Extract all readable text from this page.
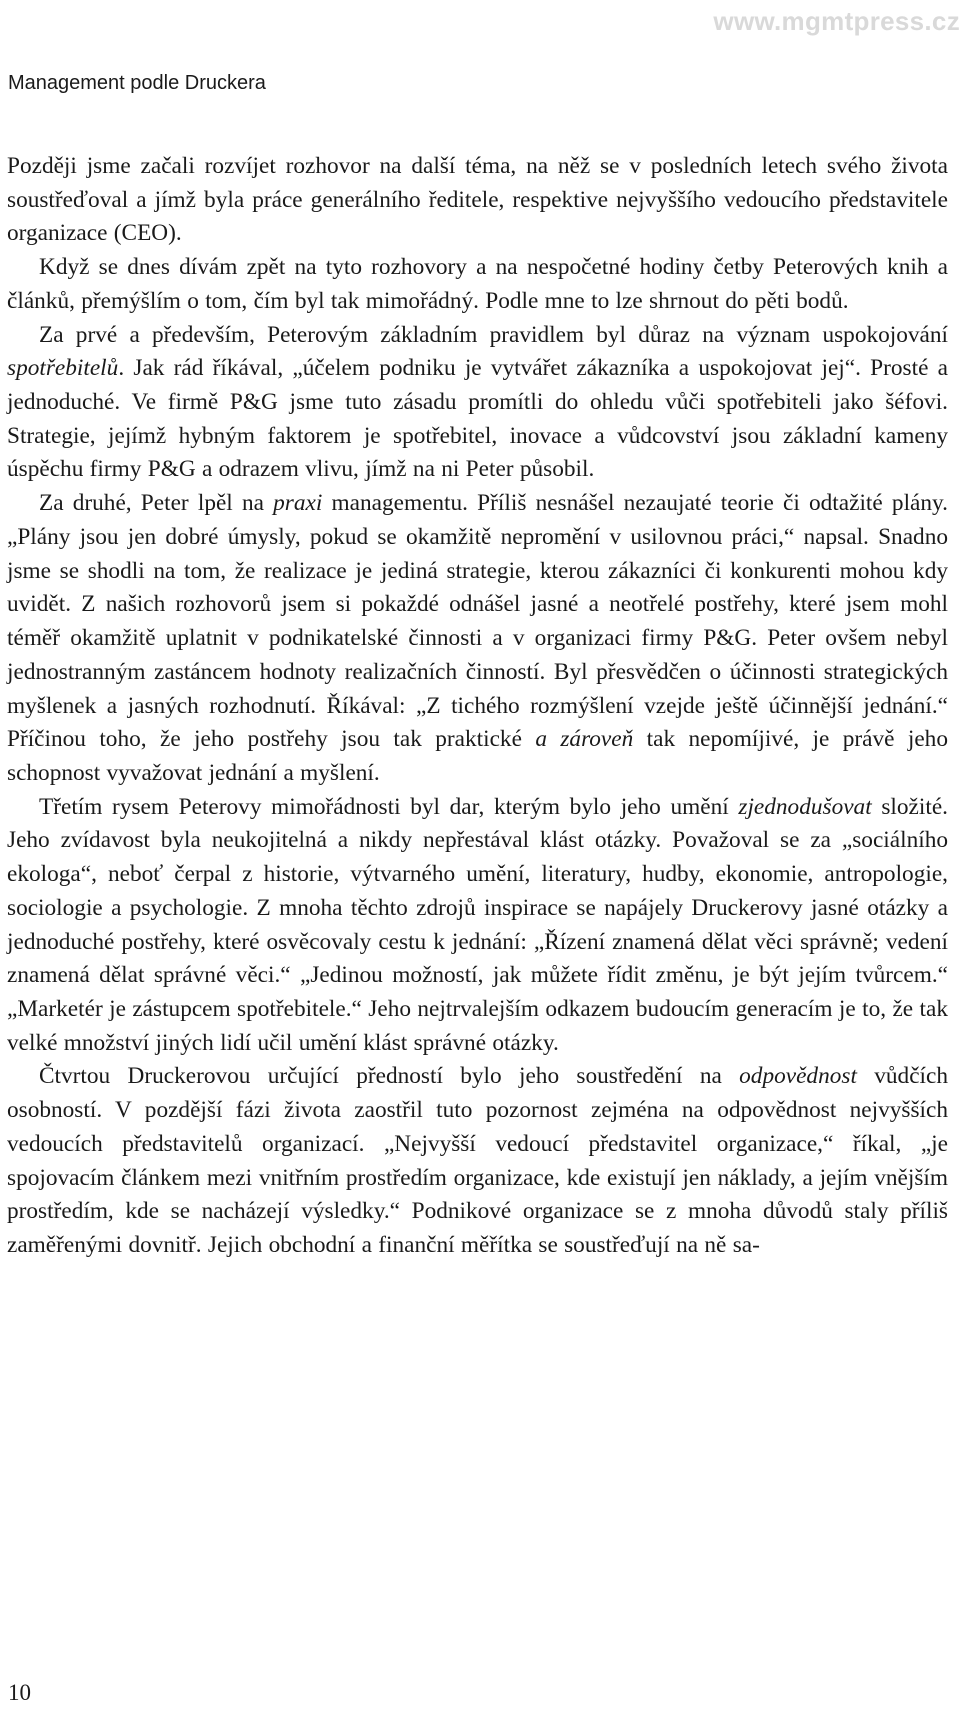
www.mgmtpress.cz
Management podle Druckera

Později jsme začali rozvíjet rozhovor na další téma, na něž se v posledních letech svého života soustřeďoval a jímž byla práce generálního ředitele, respektive nejvyššího vedoucího představitele organizace (CEO).

Když se dnes dívám zpět na tyto rozhovory a na nespočetné hodiny četby Peterových knih a článků, přemýšlím o tom, čím byl tak mimořádný. Podle mne to lze shrnout do pěti bodů.

Za prvé a především, Peterovým základním pravidlem byl důraz na význam uspokojování spotřebitelů. Jak rád říkával, „účelem podniku je vytvářet zákazníka a uspokojovat jej“. Prosté a jednoduché. Ve firmě P&G jsme tuto zásadu promítli do ohledu vůči spotřebiteli jako šéfovi. Strategie, jejímž hybným faktorem je spotřebitel, inovace a vůdcovství jsou základní kameny úspěchu firmy P&G a odrazem vlivu, jímž na ni Peter působil.

Za druhé, Peter lpěl na praxi managementu. Příliš nesnášel nezaujaté teorie či odtažité plány. „Plány jsou jen dobré úmysly, pokud se okamžitě nepromění v usilovnou práci,“ napsal. Snadno jsme se shodli na tom, že realizace je jediná strategie, kterou zákazníci či konkurenti mohou kdy uvidět. Z našich rozhovorů jsem si pokaždé odnášel jasné a neotřelé postřehy, které jsem mohl téměř okamžitě uplatnit v podnikatelské činnosti a v organizaci firmy P&G. Peter ovšem nebyl jednostranným zastáncem hodnoty realizačních činností. Byl přesvědčen o účinnosti strategických myšlenek a jasných rozhodnutí. Říkával: „Z tichého rozmýšlení vzejde ještě účinnější jednání.“ Příčinou toho, že jeho postřehy jsou tak praktické a zároveň tak nepomíjivé, je právě jeho schopnost vyvažovat jednání a myšlení.

Třetím rysem Peterovy mimořádnosti byl dar, kterým bylo jeho umění zjednodušovat složité. Jeho zvídavost byla neukojitelná a nikdy nepřestával klást otázky. Považoval se za „sociálního ekologa“, neboť čerpal z historie, výtvarného umění, literatury, hudby, ekonomie, antropologie, sociologie a psychologie. Z mnoha těchto zdrojů inspirace se napájely Druckerovy jasné otázky a jednoduché postřehy, které osvěcovaly cestu k jednání: „Řízení znamená dělat věci správně; vedení znamená dělat správné věci.“ „Jedinou možností, jak můžete řídit změnu, je být jejím tvůrcem.“ „Marketér je zástupcem spotřebitele.“ Jeho nejtrvalejším odkazem budoucím generacím je to, že tak velké množství jiných lidí učil umění klást správné otázky.

Čtvrtou Druckerovou určující předností bylo jeho soustředění na odpovědnost vůdčích osobností. V pozdější fázi života zaostřil tuto pozornost zejména na odpovědnost nejvyšších vedoucích představitelů organizací. „Nejvyšší vedoucí představitel organizace,“ říkal, „je spojovacím článkem mezi vnitřním prostředím organizace, kde existují jen náklady, a jejím vnějším prostředím, kde se nacházejí výsledky.“ Podnikové organizace se z mnoha důvodů staly příliš zaměřenými dovnitř. Jejich obchodní a finanční měřítka se soustřeďují na ně sa-

10
